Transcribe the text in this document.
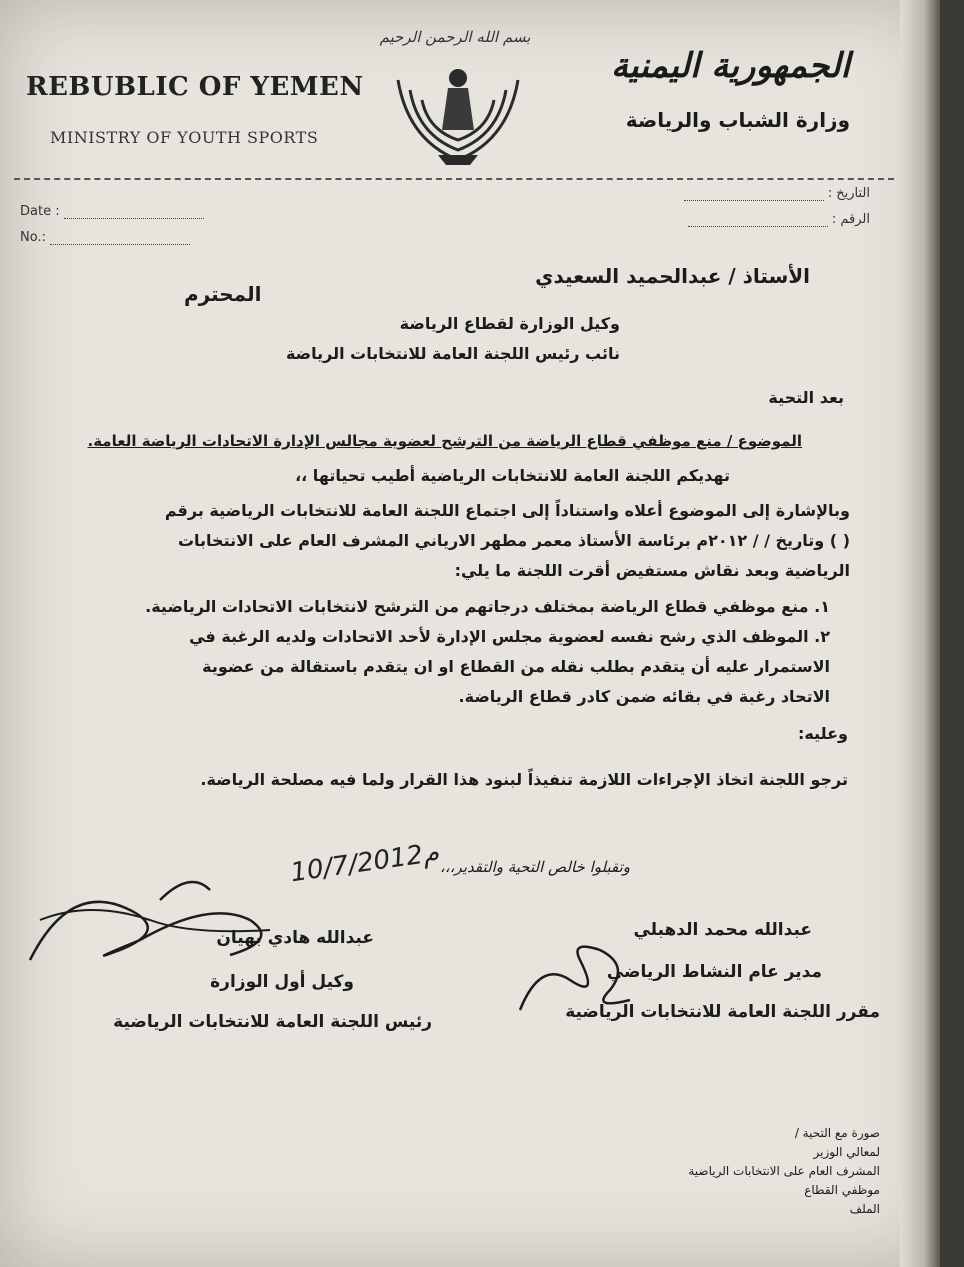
REBUBLIC OF YEMEN
MINISTRY OF YOUTH SPORTS
بسم الله الرحمن الرحيم
الجمهورية اليمنية
وزارة الشباب والرياضة
Date :
No.:
التاريخ :
الرقم :
الأستاذ / عبدالحميد السعيدي
المحترم
وكيل الوزارة لقطاع الرياضة
نائب رئيس اللجنة العامة للانتخابات الرياضة
بعد التحية
الموضوع / منع موظفي قطاع الرياضة من الترشح لعضوية مجالس الإدارة الاتحادات الرياضة العامة.
تهديكم اللجنة العامة للانتخابات الرياضية أطيب تحياتها ،،
وبالإشارة إلى الموضوع أعلاه واستناداً إلى اجتماع اللجنة العامة للانتخابات الرياضية برقم
( ) وتاريخ / / ٢٠١٢م برئاسة الأستاذ معمر مطهر الارياني المشرف العام على الانتخابات
الرياضية وبعد نقاش مستفيض أقرت اللجنة ما يلي:
١. منع موظفي قطاع الرياضة بمختلف درجاتهم من الترشح لانتخابات الاتحادات الرياضية.
٢. الموظف الذي رشح نفسه لعضوية مجلس الإدارة لأحد الاتحادات ولديه الرغبة في
الاستمرار عليه أن يتقدم بطلب نقله من القطاع او ان يتقدم باستقالة من عضوية
الاتحاد رغبة في بقائه ضمن كادر قطاع الرياضة.
وعليه:
ترجو اللجنة اتخاذ الإجراءات اللازمة تنفيذاً لبنود هذا القرار ولما فيه مصلحة الرياضة.
وتقبلوا خالص التحية والتقدير،،،
10/7/2012م
عبدالله هادي بهيان
وكيل أول الوزارة
رئيس اللجنة العامة للانتخابات الرياضية
عبدالله محمد الدهبلي
مدير عام النشاط الرياضي
مقرر اللجنة العامة للانتخابات الرياضية
صورة مع التحية /
لمعالي الوزير
المشرف العام على الانتخابات الرياضية
موظفي القطاع
الملف
